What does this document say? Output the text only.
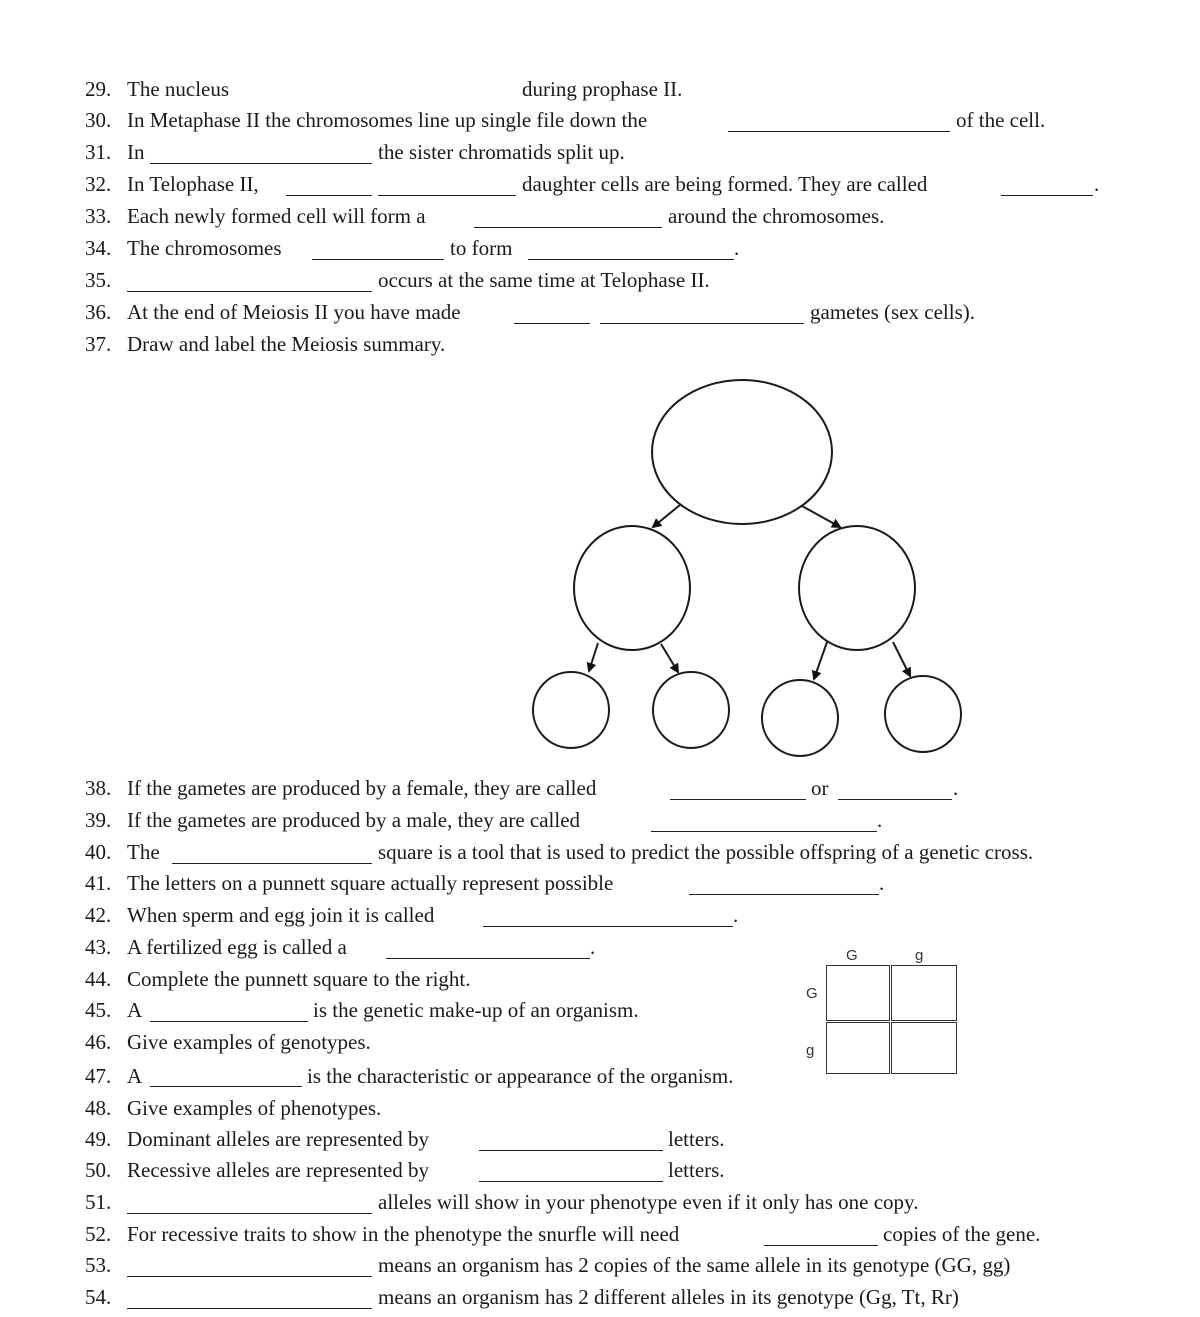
29. The nucleus	during prophase II.
30. In Metaphase II the chromosomes line up single file down the	of the cell.
31. In	the sister chromatids split up.
32. In Telophase II,	daughter cells are being formed. They are called	.
33. Each newly formed cell will form a	around the chromosomes.
34. The chromosomes	to form	.
35.	occurs at the same time at Telophase II.
36. At the end of Meiosis II you have made	gametes (sex cells).
37. Draw and label the Meiosis summary.
38. If the gametes are produced by a female, they are called	or	.
39. If the gametes are produced by a male, they are called	.
40. The	square is a tool that is used to predict the possible offspring of a genetic cross.
41. The letters on a punnett square actually represent possible	.
42. When sperm and egg join it is called	.
43. A fertilized egg is called a	.
44. Complete the punnett square to the right.
45. A	is the genetic make-up of an organism.
46. Give examples of genotypes.
47. A	is the characteristic or appearance of the organism.
G	g
G
g
48. Give examples of phenotypes.
49. Dominant alleles are represented by	letters.
50. Recessive alleles are represented by	letters.
51.	alleles will show in your phenotype even if it only has one copy.
52. For recessive traits to show in the phenotype the snurfle will need	copies of the gene.
53.	means an organism has 2 copies of the same allele in its genotype (GG, gg)
54.	means an organism has 2 different alleles in its genotype (Gg, Tt, Rr)
